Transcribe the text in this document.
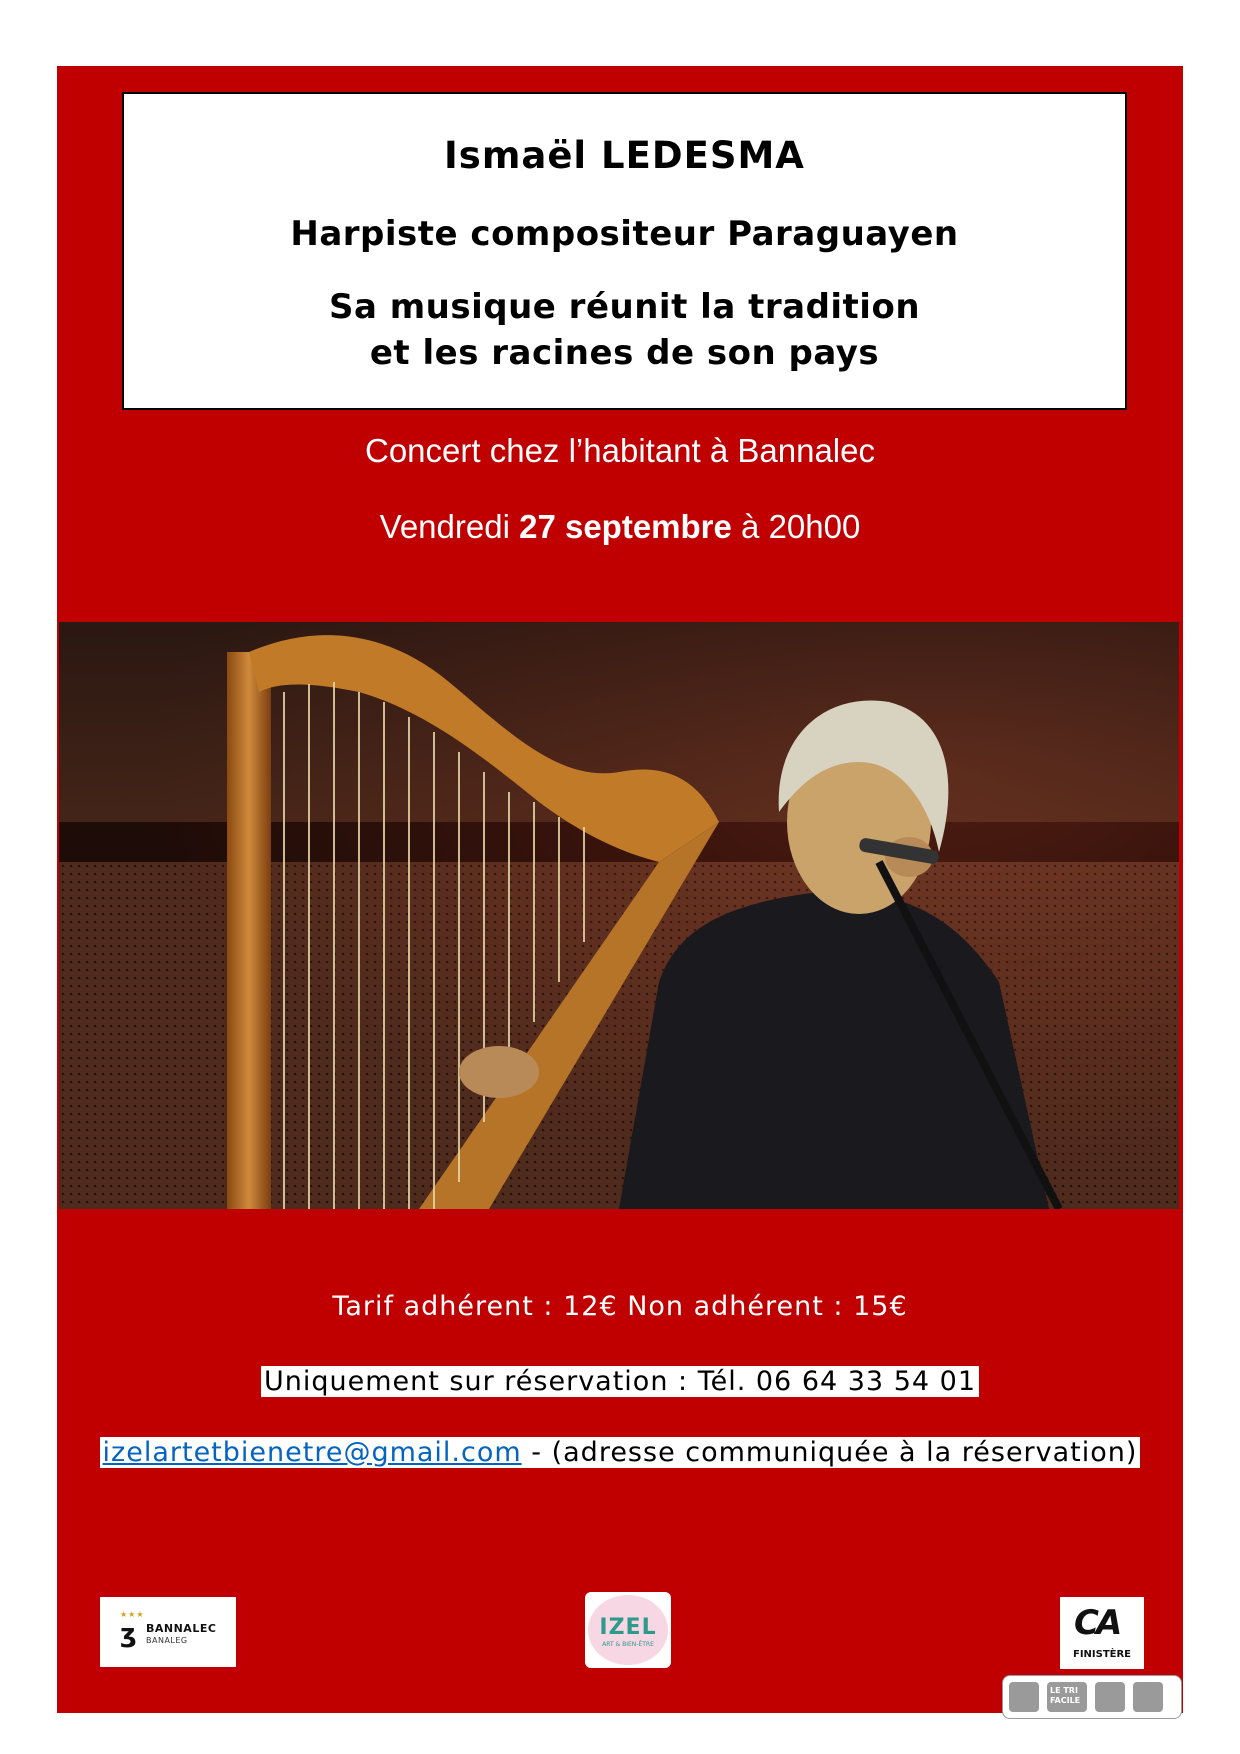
Ismaël LEDESMA
Harpiste compositeur Paraguayen
Sa musique réunit la tradition
et les racines de son pays
Concert chez l’habitant à Bannalec
Vendredi 27 septembre à 20h00
Tarif adhérent : 12€ Non adhérent : 15€
Uniquement sur réservation : Tél. 06 64 33 54 01
izelartetbienetre@gmail.com - (adresse communiquée à la réservation)
★★★
ʒ BANNALEC
BANALEG
IZEL
ART & BIEN-ÊTRE
CA
FINISTÈRE
LE TRI FACILE
